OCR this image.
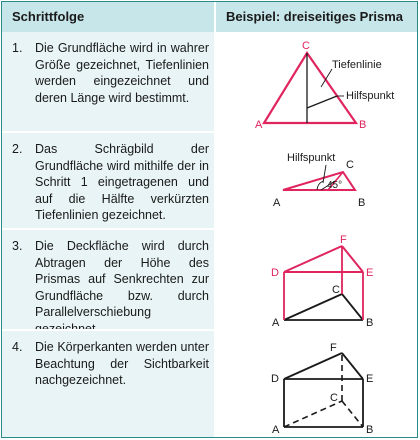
Schrittfolge	Beispiel: dreiseitiges Prisma
1. Die Grundfläche wird in wahrer Größe gezeichnet, Tiefenlinien werden eingezeichnet und deren Länge wird bestimmt.
A	B
C
Tiefenlinie
Hilfspunkt
2. Das Schrägbild der Grundfläche wird mithilfe der in Schritt 1 eingetragenen und auf die Hälfte verkürzten Tiefenlinien gezeichnet.
A	B
C
Hilfspunkt
45°
3. Die Deckfläche wird durch Abtragen der Höhe des Prismas auf Senkrechten zur Grundfläche bzw. durch Parallelverschiebung
A	B
C
D	E
F
4. Die Körperkanten werden unter Beachtung der Sichtbarkeit nachgezeichnet.
A	B
C
D	E
F
